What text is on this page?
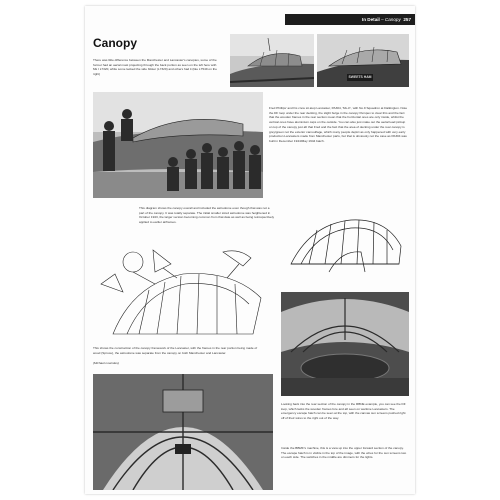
In Detail – Canopy 257
Canopy

There was little difference between the Manchester and Lancaster's canopies, some of the former had an aerial mast projecting through the back portion as seen on the left here with Mk I L7320, while some lacked the side blister (L7320) and others had it (like L7549 on the right)

SWEETS HAM

Fred Phillips' and his crew sit atop Lancaster, PA304, 'ML-K', with No.9 Squadron at Dalkington. Note the DF loop under the rear decking, the slight bulge in the canopy Perspex to clear this and the fact that the wooden frames in the rear section mean that the horizontal ones are only inside, whilst the vertical ones have aluminium caps on the outside. You can also just make out the aerial lead pickup on top of the canopy just aft that Fred and the fact that the area of decking under the rear canopy is grey/green not the exterior camouflage, which many people depict as only happened with very early production Lancasters made from Manchester parts, but that is obviously not the case as PA304 was built in December 1944/May 1944 batch.

This diagram shows the canopy overall and included the astrodome even though that was not a part of the canopy. It was totally separate. The initial smaller sized astrodome was heightened in October 1943, the larger version becoming common from that date as well as being retrospectively applied to earlier airframes.

This shows the construction of the canopy framework of the Lancaster, with the frames in the rear portion being made of wood (Spruce), the astrodome was separate from the canopy on both Manchester and Lancaster.

(Michael Lowndes)

Looking back into the rear section of the canopy in the RBNE example, you can see the DF loop, which lacks the wooden frames fore and aft seen on wartime Lancasters. The emergency escape hatch can be seen at the top, with the canvas sun screens pushed right off of their wires to the right out of the way.

Inside the BBMF's machine, this is a view up into the upper forward section of the canopy. The escape hatch is in visible in the top of the image, with the wires for the sun screens two on each side. The switches in the middle are dimmers for the lights.
